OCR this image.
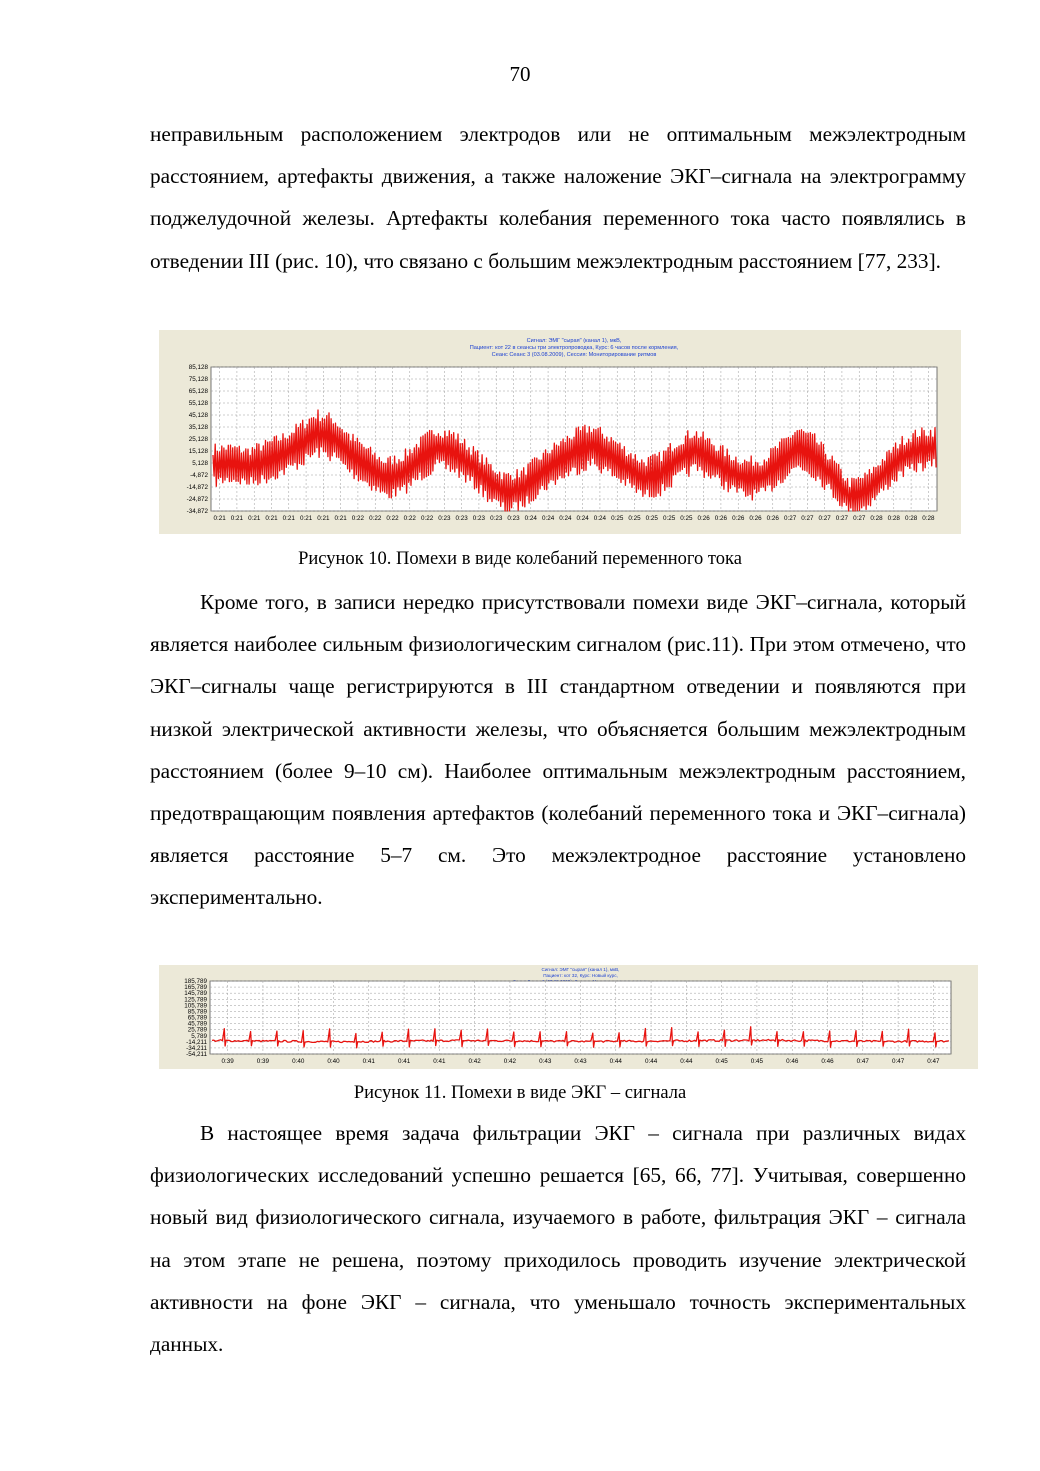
70

неправильным расположением электродов или не оптимальным межэлектродным расстоянием, артефакты движения, а также наложение ЭКГ–сигнала на электрограмму поджелудочной железы. Артефакты колебания переменного тока часто появлялись в отведении III (рис. 10), что связано с большим межэлектродным расстоянием [77, 233].

Сигнал: ЭМГ "сырая" (канал 1), мкВ,
Пациент: кот 22 в сеансы три электропроводка, Курс: 6 часов после кормления,
Сеанс Сеанс 3 (03.08.2009), Сессия: Мониторирование ритмов
85,128
75,128
65,128
55,128
45,128
35,128
25,128
15,128
5,128
-4,872
-14,872
-24,872
-34,872
0:21 0:21 0:21 0:21 0:21 0:21 0:21 0:21 0:22 0:22 0:22 0:22 0:22 0:23 0:23 0:23 0:23 0:23 0:24 0:24 0:24 0:24 0:24 0:25 0:25 0:25 0:25 0:25 0:26 0:26 0:26 0:26 0:26 0:27 0:27 0:27 0:27 0:27 0:28 0:28 0:28 0:28
Рисунок 10. Помехи в виде колебаний переменного тока

Кроме того, в записи нередко присутствовали помехи виде ЭКГ–сигнала, который является наиболее сильным физиологическим сигналом (рис.11). При этом отмечено, что ЭКГ–сигналы чаще регистрируются в III стандартном отведении и появляются при низкой электрической активности железы, что объясняется большим межэлектродным расстоянием (более 9–10 см). Наиболее оптимальным межэлектродным расстоянием, предотвращающим появления артефактов (колебаний переменного тока и ЭКГ–сигнала) является расстояние 5–7 см. Это межэлектродное расстояние установлено экспериментально.

Сигнал: ЭМГ "сырая" (канал 1), мкВ,
Пациент: кот 32, Курс: Новый курс,
185,789
165,789
145,789
125,789
105,789
85,789
65,789
45,789
25,789
5,789
-14,211
-34,211
-54,211
0:39	0:39	0:40	0:40	0:41	0:41	0:41	0:42	0:42	0:43	0:43	0:44	0:44	0:44	0:45	0:45	0:46	0:46	0:47	0:47	0:47
Рисунок 11. Помехи в виде ЭКГ – сигнала

В настоящее время задача фильтрации ЭКГ – сигнала при различных видах физиологических исследований успешно решается [65, 66, 77]. Учитывая, совершенно новый вид физиологического сигнала, изучаемого в работе, фильтрация ЭКГ – сигнала на этом этапе не решена, поэтому приходилось проводить изучение электрической активности на фоне ЭКГ – сигнала, что уменьшало точность экспериментальных данных.
